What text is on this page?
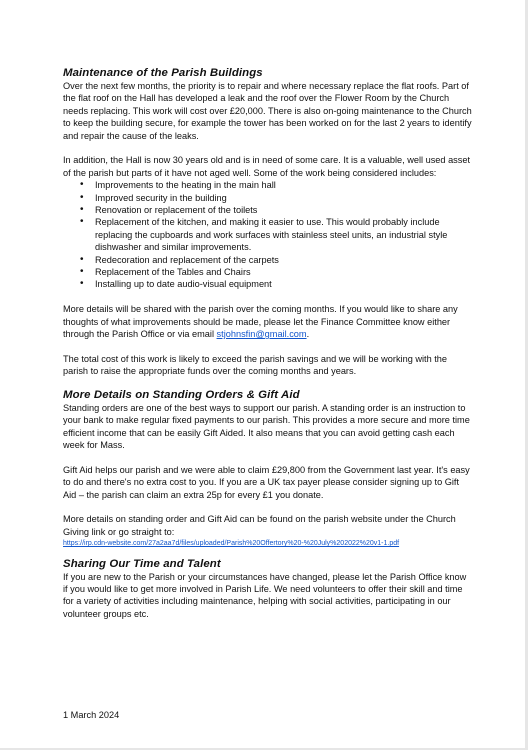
Maintenance of the Parish Buildings

Over the next few months, the priority is to repair and where necessary replace the flat roofs. Part of the flat roof on the Hall has developed a leak and the roof over the Flower Room by the Church needs replacing. This work will cost over £20,000. There is also on-going maintenance to the Church to keep the building secure, for example the tower has been worked on for the last 2 years to identify and repair the cause of the leaks.

In addition, the Hall is now 30 years old and is in need of some care. It is a valuable, well used asset of the parish but parts of it have not aged well. Some of the work being considered includes:

• Improvements to the heating in the main hall
• Improved security in the building
• Renovation or replacement of the toilets
• Replacement of the kitchen, and making it easier to use. This would probably include replacing the cupboards and work surfaces with stainless steel units, an industrial style dishwasher and similar improvements.
• Redecoration and replacement of the carpets
• Replacement of the Tables and Chairs
• Installing up to date audio-visual equipment

More details will be shared with the parish over the coming months. If you would like to share any thoughts of what improvements should be made, please let the Finance Committee know either through the Parish Office or via email stjohnsfin@gmail.com.

The total cost of this work is likely to exceed the parish savings and we will be working with the parish to raise the appropriate funds over the coming months and years.

More Details on Standing Orders & Gift Aid

Standing orders are one of the best ways to support our parish. A standing order is an instruction to your bank to make regular fixed payments to our parish. This provides a more secure and more time efficient income that can be easily Gift Aided. It also means that you can avoid getting cash each week for Mass.

Gift Aid helps our parish and we were able to claim £29,800 from the Government last year. It's easy to do and there's no extra cost to you. If you are a UK tax payer please consider signing up to Gift Aid – the parish can claim an extra 25p for every £1 you donate.

More details on standing order and Gift Aid can be found on the parish website under the Church Giving link or go straight to:

https://irp.cdn-website.com/27a2aa7d/files/uploaded/Parish%20Offertory%20-%20July%202022%20v1-1.pdf
Sharing Our Time and Talent

If you are new to the Parish or your circumstances have changed, please let the Parish Office know if you would like to get more involved in Parish Life. We need volunteers to offer their skill and time for a variety of activities including maintenance, helping with social activities, participating in our volunteer groups etc.

1 March 2024
